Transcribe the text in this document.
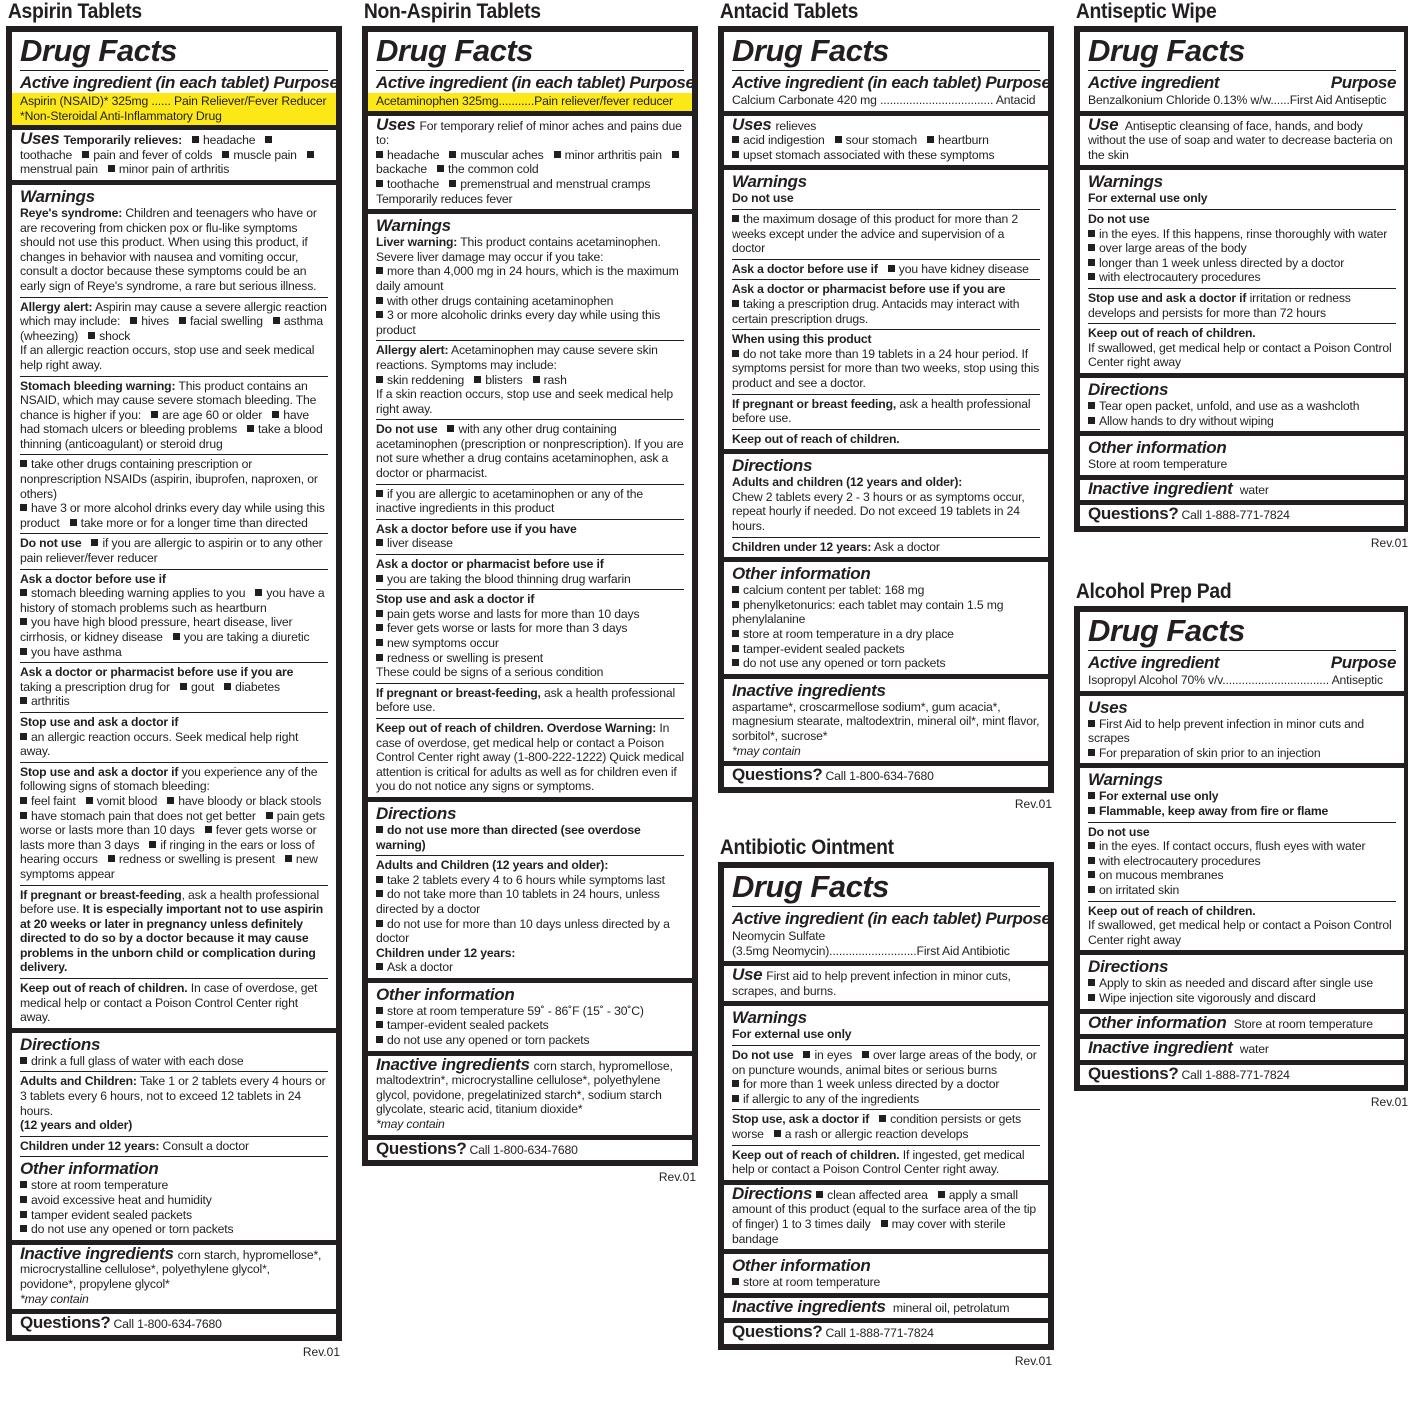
Aspirin Tablets
Drug Facts
Active ingredient (in each tablet) Purpose
Aspirin (NSAID)* 325mg ...... Pain Reliever/Fever Reducer
*Non-Steroidal Anti-Inflammatory Drug
Uses Temporarily relieves: headachetoothache pain and fever of colds muscle painmenstrual pain minor pain of arthritis
Warnings
Reye's syndrome: Children and teenagers who have or are recovering from chicken pox or flu-like symptoms should not use this product. When using this product, if changes in behavior with nausea and vomiting occur, consult a doctor because these symptoms could be an early sign of Reye's syndrome, a rare but serious illness.
Allergy alert: Aspirin may cause a severe allergic reaction which may include: hives facial swelling asthma (wheezing) shock
If an allergic reaction occurs, stop use and seek medical help right away.
Stomach bleeding warning: This product contains an NSAID, which may cause severe stomach bleeding. The chance is higher if you: are age 60 or older have had stomach ulcers or bleeding problems take a blood thinning (anticoagulant) or steroid drug
take other drugs containing prescription or nonprescription NSAIDs (aspirin, ibuprofen, naproxen, or others)
have 3 or more alcohol drinks every day while using this product take more or for a longer time than directed
Do not use if you are allergic to aspirin or to any other pain reliever/fever reducer
Ask a doctor before use if
stomach bleeding warning applies to you you have a history of stomach problems such as heartburn
you have high blood pressure, heart disease, liver cirrhosis, or kidney disease you are taking a diuretic
you have asthma
Ask a doctor or pharmacist before use if you are taking a prescription drug for gout diabetes
arthritis
Stop use and ask a doctor if
an allergic reaction occurs. Seek medical help right away.
Stop use and ask a doctor if you experience any of the following signs of stomach bleeding:
feel faint vomit blood have bloody or black stools
have stomach pain that does not get better pain gets worse or lasts more than 10 days fever gets worse or lasts more than 3 days if ringing in the ears or loss of hearing occurs redness or swelling is present new symptoms appear
If pregnant or breast-feeding, ask a health professional before use. It is especially important not to use aspirin at 20 weeks or later in pregnancy unless definitely directed to do so by a doctor because it may cause problems in the unborn child or complication during delivery.
Keep out of reach of children. In case of overdose, get medical help or contact a Poison Control Center right away.
Directions
drink a full glass of water with each dose
Adults and Children: Take 1 or 2 tablets every 4 hours or 3 tablets every 6 hours, not to exceed 12 tablets in 24 hours.
(12 years and older)
Children under 12 years: Consult a doctor
Other information
store at room temperature
avoid excessive heat and humidity
tamper evident sealed packets
do not use any opened or torn packets
Inactive ingredients corn starch, hypromellose*, microcrystalline cellulose*, polyethylene glycol*, povidone*, propylene glycol*
*may contain
Questions? Call 1-800-634-7680
Rev.01
Non-Aspirin Tablets
Drug Facts
Active ingredient (in each tablet) Purpose
Acetaminophen 325mg...........Pain reliever/fever reducer
Uses For temporary relief of minor aches and pains due to:
headache muscular aches minor arthritis painbackache the common cold
toothache premenstrual and menstrual cramps
Temporarily reduces fever
Warnings
Liver warning: This product contains acetaminophen. Severe liver damage may occur if you take:
more than 4,000 mg in 24 hours, which is the maximum daily amount
with other drugs containing acetaminophen
3 or more alcoholic drinks every day while using this product
Allergy alert: Acetaminophen may cause severe skin reactions. Symptoms may include:
skin reddening blisters rash
If a skin reaction occurs, stop use and seek medical help right away.
Do not use with any other drug containing acetaminophen (prescription or nonprescription). If you are not sure whether a drug contains acetaminophen, ask a doctor or pharmacist.
if you are allergic to acetaminophen or any of the inactive ingredients in this product
Ask a doctor before use if you have
liver disease
Ask a doctor or pharmacist before use if
you are taking the blood thinning drug warfarin
Stop use and ask a doctor if
pain gets worse and lasts for more than 10 days
fever gets worse or lasts for more than 3 days
new symptoms occur
redness or swelling is present
These could be signs of a serious condition
If pregnant or breast-feeding, ask a health professional before use.
Keep out of reach of children. Overdose Warning: In case of overdose, get medical help or contact a Poison Control Center right away (1-800-222-1222) Quick medical attention is critical for adults as well as for children even if you do not notice any signs or symptoms.
Directions
do not use more than directed (see overdose warning)
Adults and Children (12 years and older):
take 2 tablets every 4 to 6 hours while symptoms last
do not take more than 10 tablets in 24 hours, unless directed by a doctor
do not use for more than 10 days unless directed by a doctor
Children under 12 years:
Ask a doctor
Other information
store at room temperature 59˚ - 86˚F (15˚ - 30˚C)
tamper-evident sealed packets
do not use any opened or torn packets
Inactive ingredients corn starch, hypromellose, maltodextrin*, microcrystalline cellulose*, polyethylene glycol, povidone, pregelatinized starch*, sodium starch glycolate, stearic acid, titanium dioxide*
*may contain
Questions? Call 1-800-634-7680
Rev.01
Antacid Tablets
Drug Facts
Active ingredient (in each tablet) Purpose
Calcium Carbonate 420 mg ................................... Antacid
Uses relieves
acid indigestion sour stomach heartburn
upset stomach associated with these symptoms
Warnings
Do not use
the maximum dosage of this product for more than 2 weeks except under the advice and supervision of a doctor
Ask a doctor before use if you have kidney disease
Ask a doctor or pharmacist before use if you are
taking a prescription drug. Antacids may interact with certain prescription drugs.
When using this product
do not take more than 19 tablets in a 24 hour period. If symptoms persist for more than two weeks, stop using this product and see a doctor.
If pregnant or breast feeding, ask a health professional before use.
Keep out of reach of children.
Directions
Adults and children (12 years and older):
Chew 2 tablets every 2 - 3 hours or as symptoms occur, repeat hourly if needed. Do not exceed 19 tablets in 24 hours.
Children under 12 years: Ask a doctor
Other information
calcium content per tablet: 168 mg
phenylketonurics: each tablet may contain 1.5 mg phenylalanine
store at room temperature in a dry place
tamper-evident sealed packets
do not use any opened or torn packets
Inactive ingredients
aspartame*, croscarmellose sodium*, gum acacia*, magnesium stearate, maltodextrin, mineral oil*, mint flavor, sorbitol*, sucrose*
*may contain
Questions? Call 1-800-634-7680
Rev.01
Antibiotic Ointment
Drug Facts
Active ingredient (in each tablet) Purpose
Neomycin Sulfate
(3.5mg Neomycin)...........................First Aid Antibiotic
Use First aid to help prevent infection in minor cuts, scrapes, and burns.
Warnings
For external use only
Do not use in eyes over large areas of the body, or on puncture wounds, animal bites or serious burns
for more than 1 week unless directed by a doctor
if allergic to any of the ingredients
Stop use, ask a doctor if condition persists or gets worse a rash or allergic reaction develops
Keep out of reach of children. If ingested, get medical help or contact a Poison Control Center right away.
Directions clean affected area apply a small amount of this product (equal to the surface area of the tip of finger) 1 to 3 times daily may cover with sterile bandage
Other information
store at room temperature
Inactive ingredients mineral oil, petrolatum
Questions? Call 1-888-771-7824
Rev.01
Antiseptic Wipe
Drug Facts
Active ingredient	Purpose
Benzalkonium Chloride 0.13% w/w......First Aid Antiseptic
Use Antiseptic cleansing of face, hands, and body without the use of soap and water to decrease bacteria on the skin
Warnings
For external use only
Do not use
in the eyes. If this happens, rinse thoroughly with water
over large areas of the body
longer than 1 week unless directed by a doctor
with electrocautery procedures
Stop use and ask a doctor if irritation or redness develops and persists for more than 72 hours
Keep out of reach of children.
If swallowed, get medical help or contact a Poison Control Center right away
Directions
Tear open packet, unfold, and use as a washcloth
Allow hands to dry without wiping
Other information
Store at room temperature
Inactive ingredient water
Questions? Call 1-888-771-7824
Rev.01
Alcohol Prep Pad
Drug Facts
Active ingredient	Purpose
Isopropyl Alcohol 70% v/v................................. Antiseptic
Uses
First Aid to help prevent infection in minor cuts and scrapes
For preparation of skin prior to an injection
Warnings
For external use only
Flammable, keep away from fire or flame
Do not use
in the eyes. If contact occurs, flush eyes with water
with electrocautery procedures
on mucous membranes
on irritated skin
Keep out of reach of children.
If swallowed, get medical help or contact a Poison Control Center right away
Directions
Apply to skin as needed and discard after single use
Wipe injection site vigorously and discard
Other information Store at room temperature
Inactive ingredient water
Questions? Call 1-888-771-7824
Rev.01
